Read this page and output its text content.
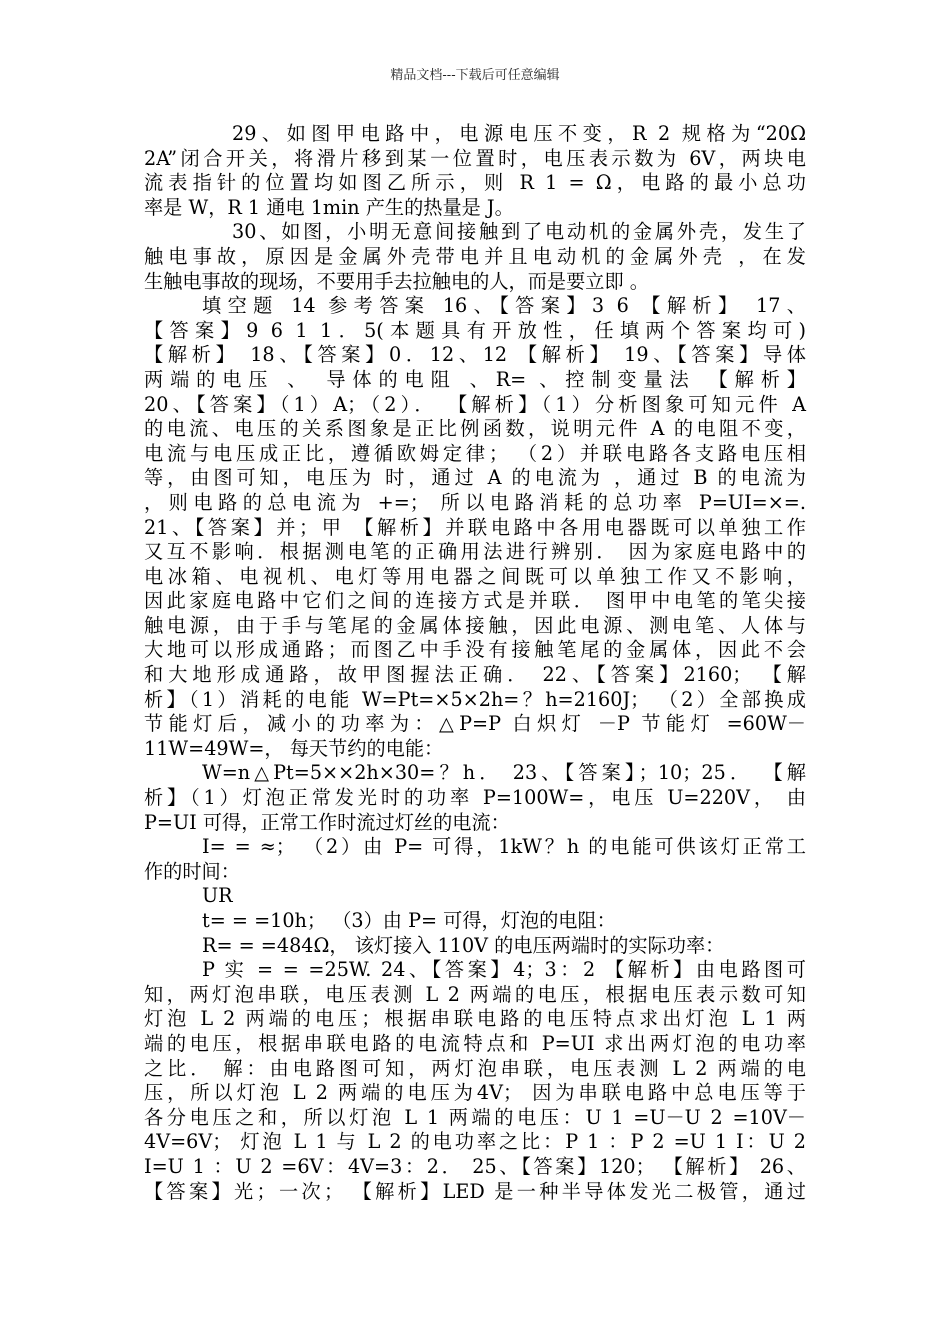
精品文档---下载后可任意编辑
29、如图甲电路中，电源电压不变，R 2 规格为“20Ω
2A”闭合开关，将滑片移到某一位置时，电压表示数为 6V，两块电
流表指针的位置均如图乙所示，则 R 1 = Ω，电路的最小总功
率是 W，R 1 通电 1min 产生的热量是 J。
30、如图，小明无意间接触到了电动机的金属外壳，发生了
触电事故，原因是金属外壳带电并且电动机的金属外壳 ，在发
生触电事故的现场，不要用手去拉触电的人，而是要立即 。
填空题 14 参考答案 16、【答案】3 6 【解析】 17、
【答案】9 6 1 1．5(本题具有开放性，任填两个答案均可)
【解析】 18、【答案】0．12、12 【解析】 19、【答案】导体
两端的电压 、 导体的电阻 、R= 、控制变量法 【解析】
20、【答案】（1）A；（2）． 【解析】（1）分析图象可知元件 A
的电流、电压的关系图象是正比例函数，说明元件 A 的电阻不变，
电流与电压成正比，遵循欧姆定律； （2）并联电路各支路电压相
等，由图可知，电压为 时，通过 A 的电流为 ，通过 B 的电流为
，则电路的总电流为 +=； 所以电路消耗的总功率 P=UI=×=.
21、【答案】并；甲 【解析】并联电路中各用电器既可以单独工作
又互不影响．根据测电笔的正确用法进行辨别． 因为家庭电路中的
电冰箱、电视机、电灯等用电器之间既可以单独工作又不影响，
因此家庭电路中它们之间的连接方式是并联． 图甲中电笔的笔尖接
触电源，由于手与笔尾的金属体接触，因此电源、测电笔、人体与
大地可以形成通路；而图乙中手没有接触笔尾的金属体，因此不会
和大地形成通路，故甲图握法正确． 22、【答案】2160； 【解
析】（1）消耗的电能 W=Pt=×5×2h=？h=2160J； （2）全部换成
节能灯后，减小的功率为：△P=P 白炽灯 －P 节能灯 =60W－
11W=49W=， 每天节约的电能：
W=n△Pt=5××2h×30=？h． 23、【答案】；10；25． 【解
析】（1）灯泡正常发光时的功率 P=100W=，电压 U=220V， 由
P=UI 可得，正常工作时流过灯丝的电流：
I= = ≈； （2）由 P= 可得，1kW？h 的电能可供该灯正常工
作的时间：
UR
t= = =10h； （3）由 P= 可得，灯泡的电阻：
R= = =484Ω， 该灯接入 110V 的电压两端时的实际功率：
P 实 = = =25W. 24、【答案】4；3：2 【解析】由电路图可
知，两灯泡串联，电压表测 L 2 两端的电压，根据电压表示数可知
灯泡 L 2 两端的电压；根据串联电路的电压特点求出灯泡 L 1 两
端的电压，根据串联电路的电流特点和 P=UI 求出两灯泡的电功率
之比． 解：由电路图可知，两灯泡串联，电压表测 L 2 两端的电
压，所以灯泡 L 2 两端的电压为4V； 因为串联电路中总电压等于
各分电压之和，所以灯泡 L 1 两端的电压：U 1 =U－U 2 =10V－
4V=6V； 灯泡 L 1 与 L 2 的电功率之比：P 1 ：P 2 =U 1 I：U 2
I=U 1 ：U 2 =6V：4V=3：2． 25、【答案】120； 【解析】 26、
【答案】光；一次； 【解析】LED 是一种半导体发光二极管，通过
